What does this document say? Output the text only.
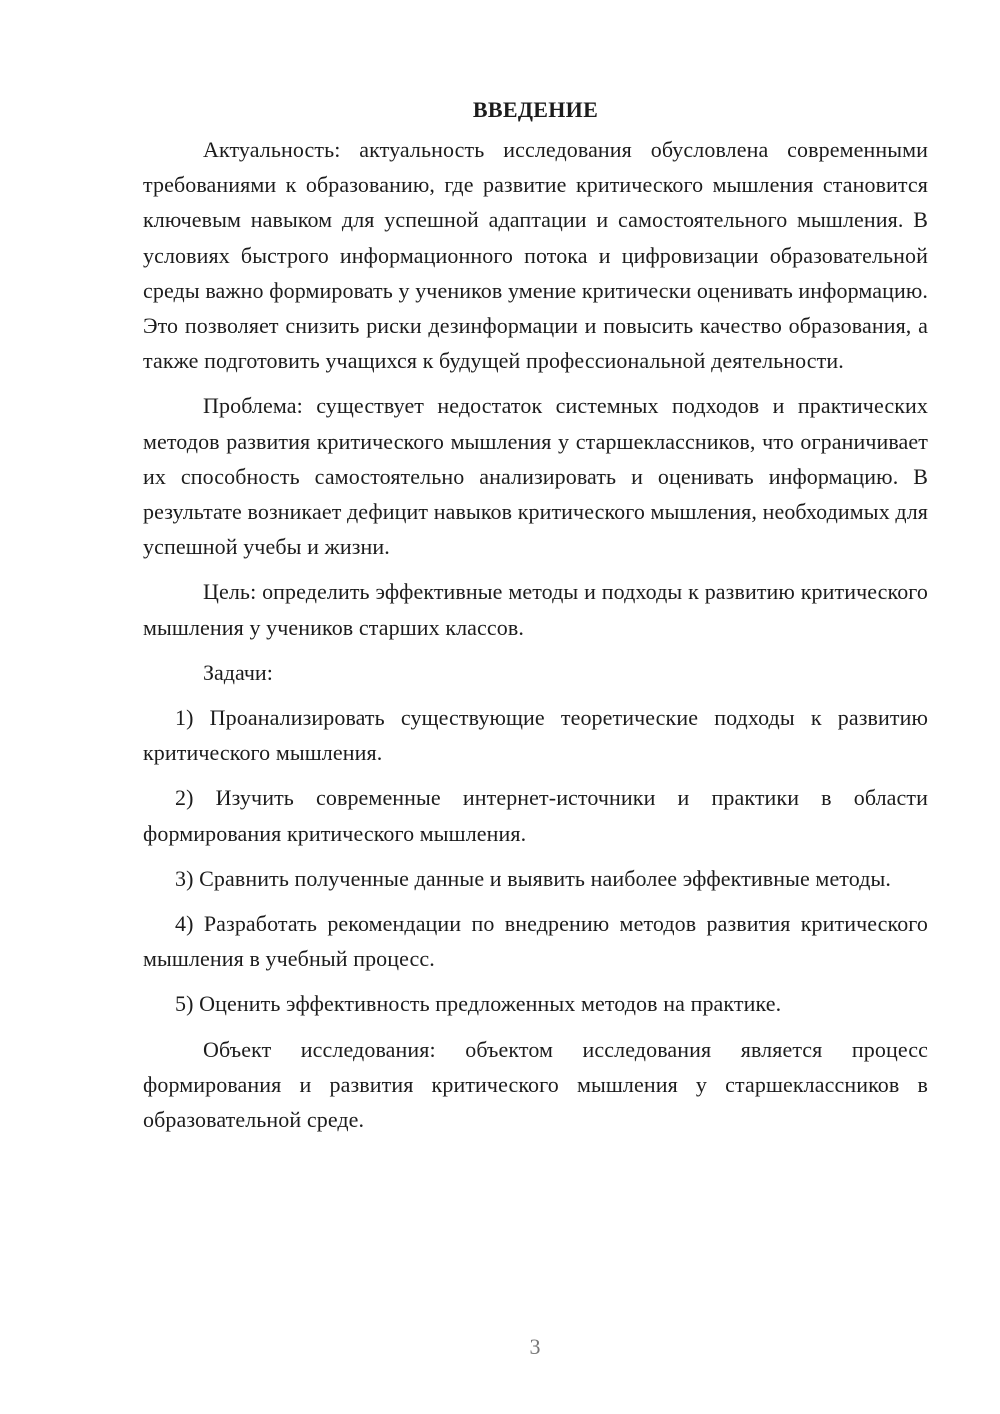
ВВЕДЕНИЕ

Актуальность: актуальность исследования обусловлена современными требованиями к образованию, где развитие критического мышления становится ключевым навыком для успешной адаптации и самостоятельного мышления. В условиях быстрого информационного потока и цифровизации образовательной среды важно формировать у учеников умение критически оценивать информацию. Это позволяет снизить риски дезинформации и повысить качество образования, а также подготовить учащихся к будущей профессиональной деятельности.

Проблема: существует недостаток системных подходов и практических методов развития критического мышления у старшеклассников, что ограничивает их способность самостоятельно анализировать и оценивать информацию. В результате возникает дефицит навыков критического мышления, необходимых для успешной учебы и жизни.

Цель: определить эффективные методы и подходы к развитию критического мышления у учеников старших классов.

Задачи:

1) Проанализировать существующие теоретические подходы к развитию критического мышления.

2) Изучить современные интернет-источники и практики в области формирования критического мышления.

3) Сравнить полученные данные и выявить наиболее эффективные методы.

4) Разработать рекомендации по внедрению методов развития критического мышления в учебный процесс.

5) Оценить эффективность предложенных методов на практике.

Объект исследования: объектом исследования является процесс формирования и развития критического мышления у старшеклассников в образовательной среде.

3
